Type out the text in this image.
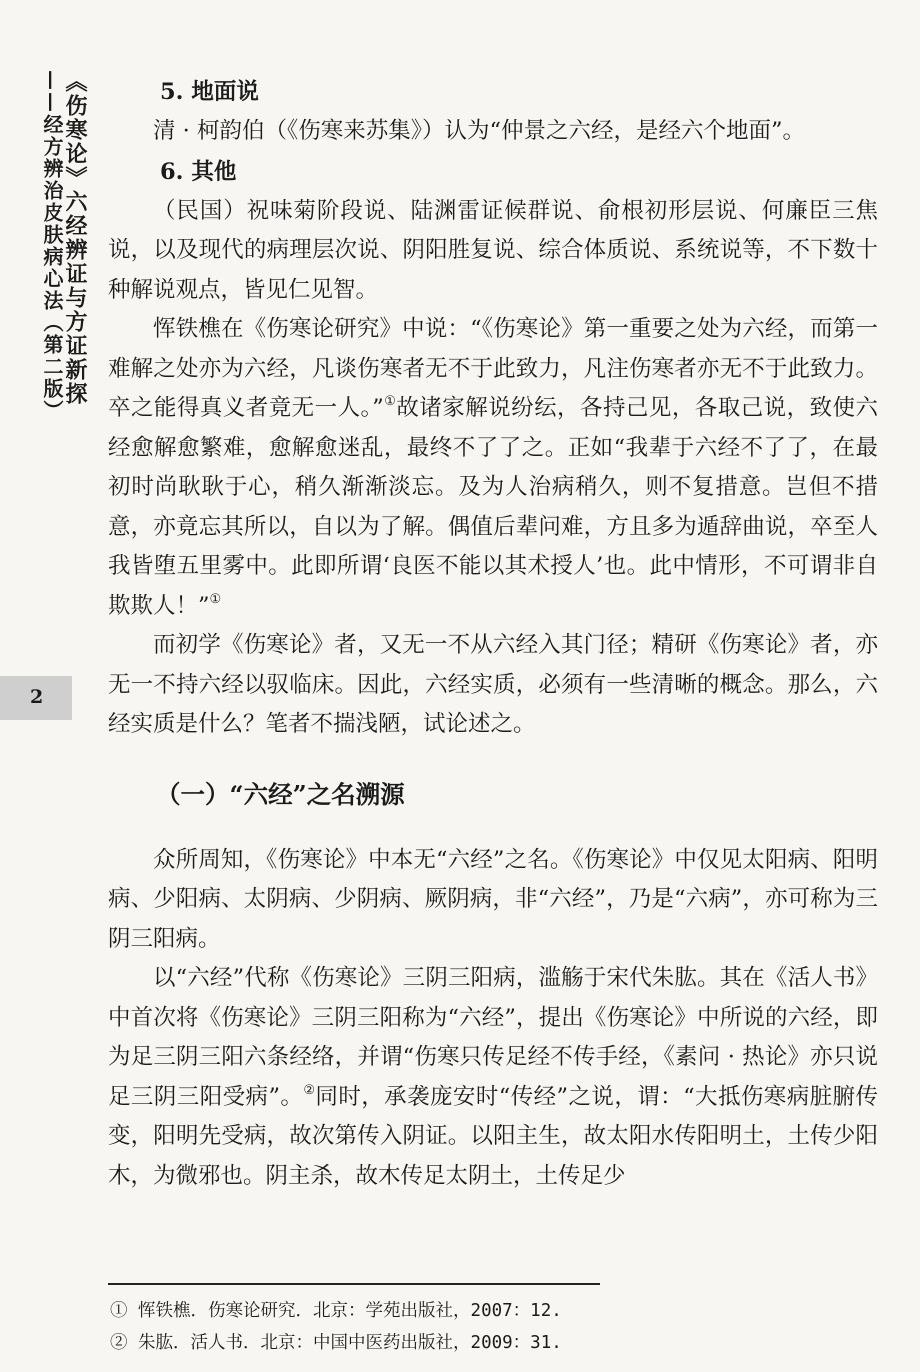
《伤寒论》六经辨证与方证新探
——经方辨治皮肤病心法（第二版）
2
5. 地面说

清 · 柯韵伯（《伤寒来苏集》）认为“仲景之六经，是经六个地面”。

6. 其他

（民国）祝味菊阶段说、陆渊雷证候群说、俞根初形层说、何廉臣三焦说，以及现代的病理层次说、阴阳胜复说、综合体质说、系统说等，不下数十种解说观点，皆见仁见智。

恽铁樵在《伤寒论研究》中说：“《伤寒论》第一重要之处为六经，而第一难解之处亦为六经，凡谈伤寒者无不于此致力，凡注伤寒者亦无不于此致力。卒之能得真义者竟无一人。”①故诸家解说纷纭，各持己见，各取己说，致使六经愈解愈繁难，愈解愈迷乱，最终不了了之。正如“我辈于六经不了了，在最初时尚耿耿于心，稍久渐渐淡忘。及为人治病稍久，则不复措意。岂但不措意，亦竟忘其所以，自以为了解。偶值后辈问难，方且多为遁辞曲说，卒至人我皆堕五里雾中。此即所谓‘良医不能以其术授人’也。此中情形，不可谓非自欺欺人！”①

而初学《伤寒论》者，又无一不从六经入其门径；精研《伤寒论》者，亦无一不持六经以驭临床。因此，六经实质，必须有一些清晰的概念。那么，六经实质是什么？笔者不揣浅陋，试论述之。

（一）“六经”之名溯源

众所周知，《伤寒论》中本无“六经”之名。《伤寒论》中仅见太阳病、阳明病、少阳病、太阴病、少阴病、厥阴病，非“六经”，乃是“六病”，亦可称为三阴三阳病。

以“六经”代称《伤寒论》三阴三阳病，滥觞于宋代朱肱。其在《活人书》中首次将《伤寒论》三阴三阳称为“六经”，提出《伤寒论》中所说的六经，即为足三阴三阳六条经络，并谓“伤寒只传足经不传手经，《素问 · 热论》亦只说足三阴三阳受病”。②同时，承袭庞安时“传经”之说，谓：“大抵伤寒病脏腑传变，阳明先受病，故次第传入阴证。以阳主生，故太阳水传阳明土，土传少阳木，为微邪也。阴主杀，故木传足太阴土，土传足少

① 恽铁樵．伤寒论研究．北京：学苑出版社，2007：12.
② 朱肱．活人书．北京：中国中医药出版社，2009：31.
